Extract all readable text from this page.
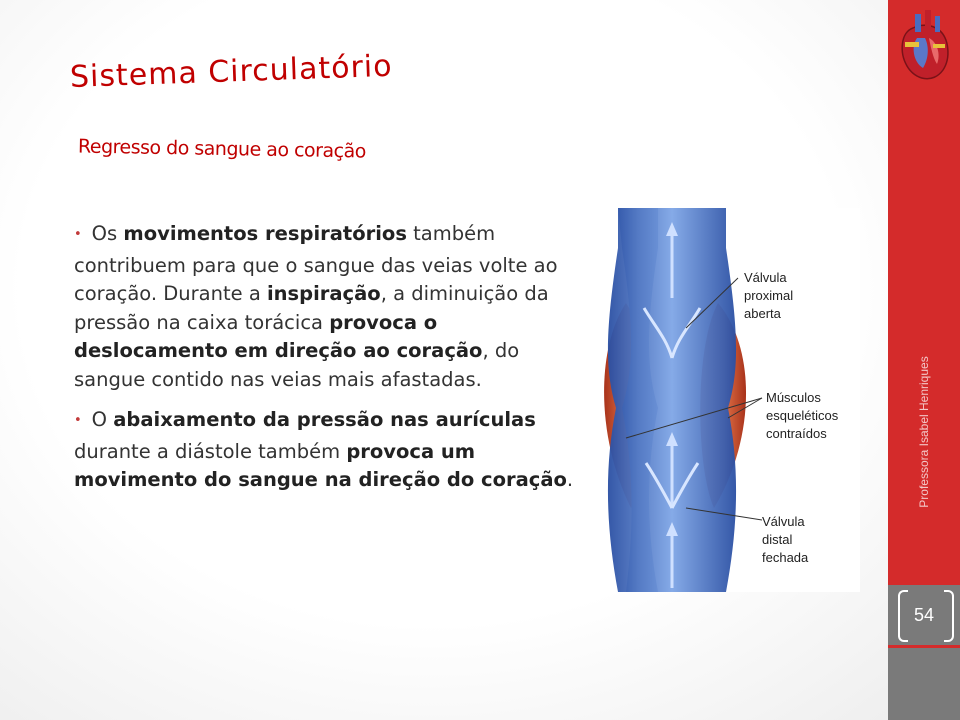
Professora Isabel Henriques
54
Sistema Circulatório
Regresso do sangue ao coração

• Os movimentos respiratórios também contribuem para que o sangue das veias volte ao coração. Durante a inspiração, a diminuição da pressão na caixa torácica provoca o deslocamento em direção ao coração, do sangue contido nas veias mais afastadas.

• O abaixamento da pressão nas aurículas durante a diástole também provoca um movimento do sangue na direção do coração.

Válvula
proximal
aberta
Músculos
esqueléticos
contraídos
Válvula
distal
fechada
